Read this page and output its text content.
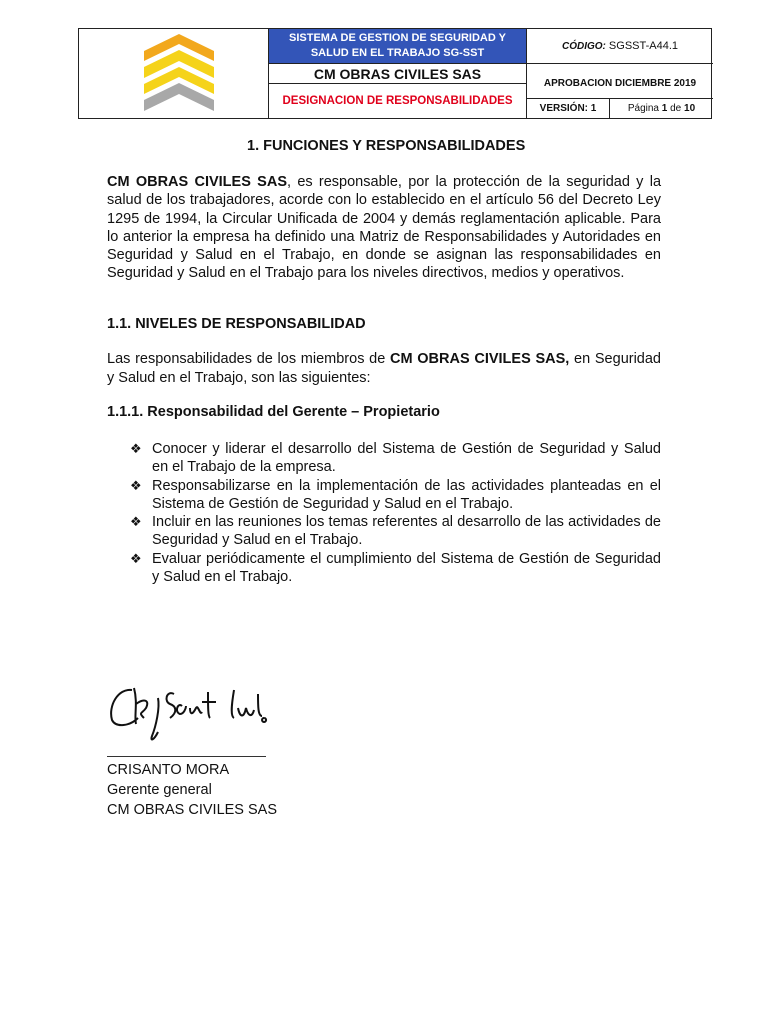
SISTEMA DE GESTION DE SEGURIDAD Y SALUD EN EL TRABAJO SG-SST
CM OBRAS CIVILES SAS
DESIGNACION DE RESPONSABILIDADES
CÓDIGO: SGSST-A44.1
APROBACION DICIEMBRE 2019
VERSIÓN: 1	Página 1 de 10
1. FUNCIONES Y RESPONSABILIDADES
CM OBRAS CIVILES SAS, es responsable, por la protección de la seguridad y la salud de los trabajadores, acorde con lo establecido en el artículo 56 del Decreto Ley 1295 de 1994, la Circular Unificada de 2004 y demás reglamentación aplicable. Para lo anterior la empresa ha definido una Matriz de Responsabilidades y Autoridades en Seguridad y Salud en el Trabajo, en donde se asignan las responsabilidades en Seguridad y Salud en el Trabajo para los niveles directivos, medios y operativos.
1.1. NIVELES DE RESPONSABILIDAD
Las responsabilidades de los miembros de CM OBRAS CIVILES SAS, en Seguridad y Salud en el Trabajo, son las siguientes:
1.1.1. Responsabilidad del Gerente – Propietario
❖ Conocer y liderar el desarrollo del Sistema de Gestión de Seguridad y Salud en el Trabajo de la empresa.
❖ Responsabilizarse en la implementación de las actividades planteadas en el Sistema de Gestión de Seguridad y Salud en el Trabajo.
❖ Incluir en las reuniones los temas referentes al desarrollo de las actividades de Seguridad y Salud en el Trabajo.
❖ Evaluar periódicamente el cumplimiento del Sistema de Gestión de Seguridad y Salud en el Trabajo.
CRISANTO MORA
Gerente general
CM OBRAS CIVILES SAS
